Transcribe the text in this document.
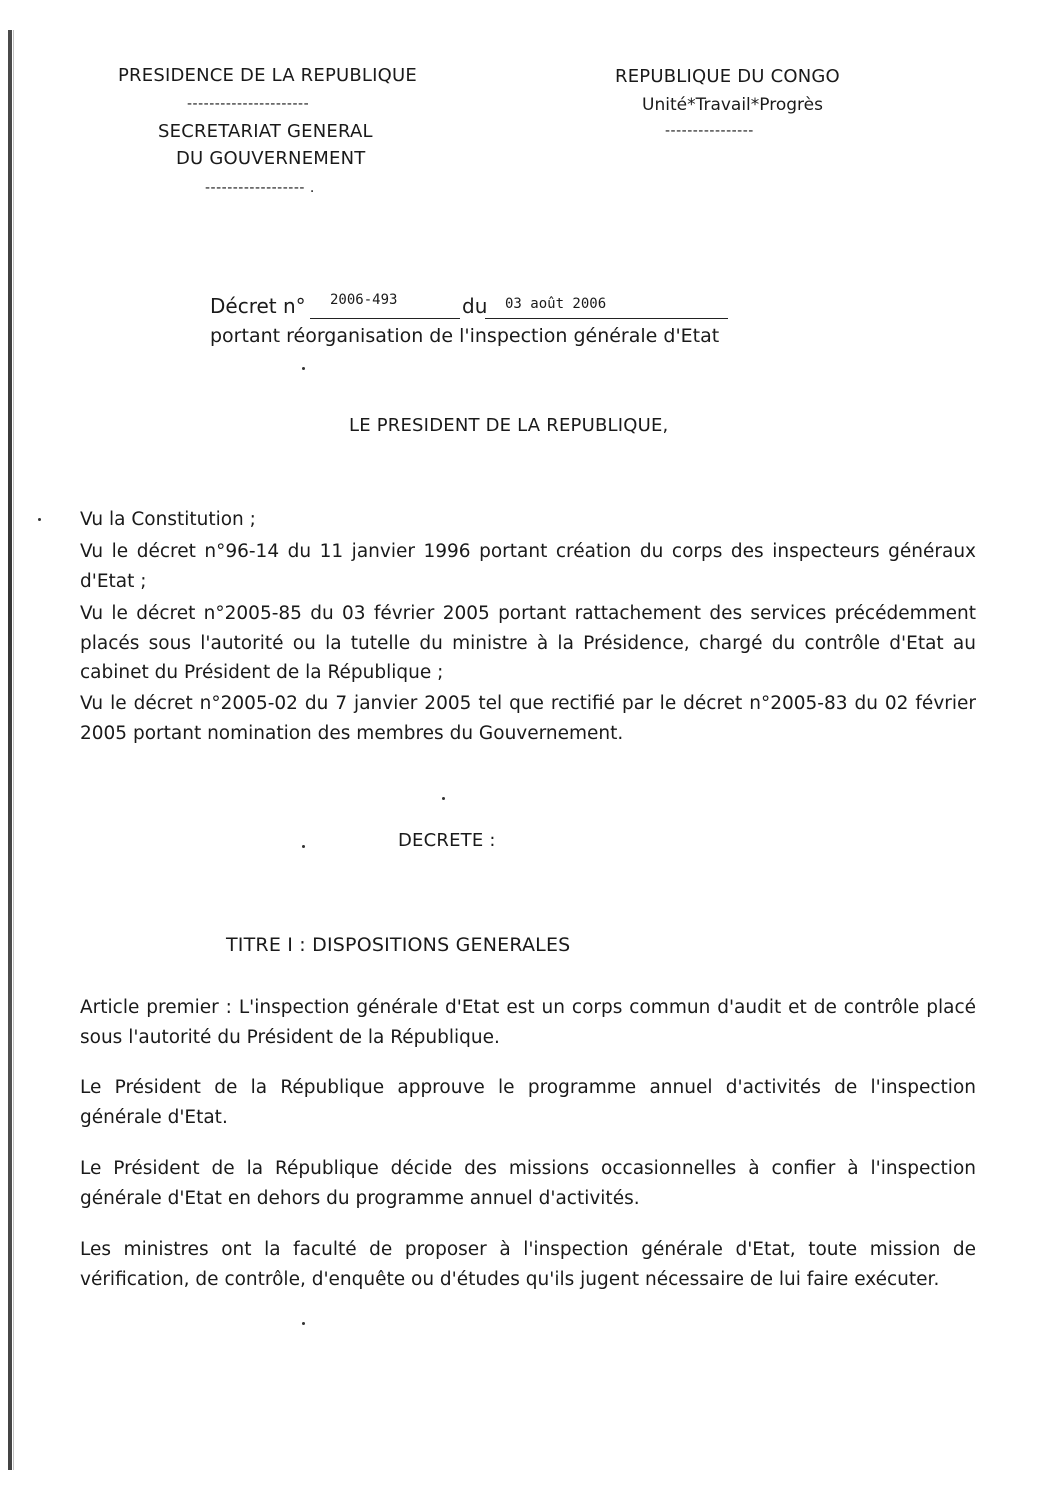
PRESIDENCE DE LA REPUBLIQUE
----------------------
SECRETARIAT GENERAL
DU GOUVERNEMENT
------------------ .
REPUBLIQUE DU CONGO
Unité*Travail*Progrès
----------------
Décret n° 2006-493	du 03 août 2006
portant réorganisation de l'inspection générale d'Etat
LE PRESIDENT DE LA REPUBLIQUE,
Vu la Constitution ;
Vu le décret n°96-14 du 11 janvier 1996 portant création du corps des inspecteurs généraux d'Etat ;
Vu le décret n°2005-85 du 03 février 2005 portant rattachement des services précédemment placés sous l'autorité ou la tutelle du ministre à la Présidence, chargé du contrôle d'Etat au cabinet du Président de la République ;
Vu le décret n°2005-02 du 7 janvier 2005 tel que rectifié par le décret n°2005-83 du 02 février 2005 portant nomination des membres du Gouvernement.
DECRETE :
TITRE I : DISPOSITIONS GENERALES
Article premier : L'inspection générale d'Etat est un corps commun d'audit et de contrôle placé sous l'autorité du Président de la République.
Le Président de la République approuve le programme annuel d'activités de l'inspection générale d'Etat.
Le Président de la République décide des missions occasionnelles à confier à l'inspection générale d'Etat en dehors du programme annuel d'activités.
Les ministres ont la faculté de proposer à l'inspection générale d'Etat, toute mission de vérification, de contrôle, d'enquête ou d'études qu'ils jugent nécessaire de lui faire exécuter.
